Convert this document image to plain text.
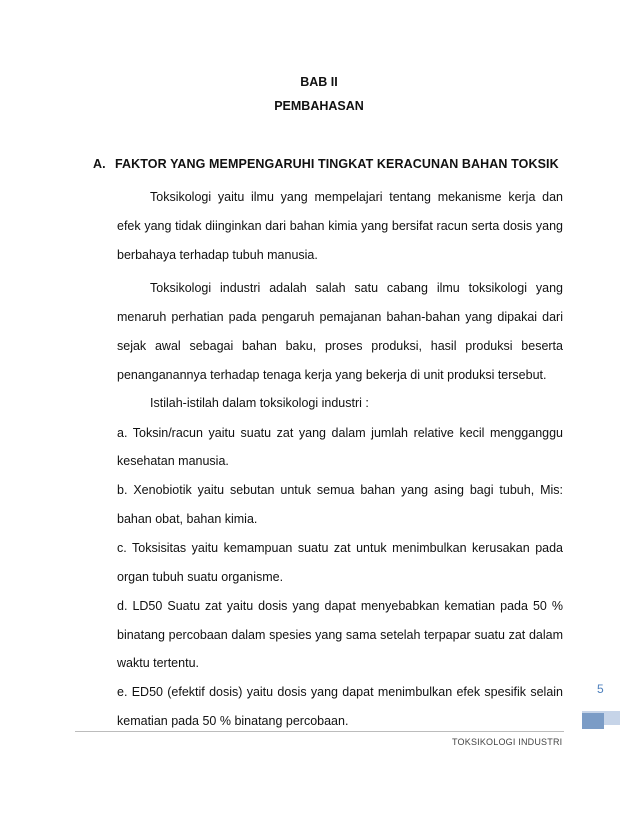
BAB II
PEMBAHASAN
A. FAKTOR YANG MEMPENGARUHI TINGKAT KERACUNAN BAHAN TOKSIK
Toksikologi yaitu ilmu yang mempelajari tentang mekanisme kerja dan
efek yang tidak diinginkan dari bahan kimia yang bersifat racun serta dosis yang
berbahaya terhadap tubuh manusia.
Toksikologi industri adalah salah satu cabang ilmu toksikologi yang
menaruh perhatian pada pengaruh pemajanan bahan-bahan yang dipakai dari
sejak awal sebagai bahan baku, proses produksi, hasil produksi beserta
penanganannya terhadap tenaga kerja yang bekerja di unit produksi tersebut.
Istilah-istilah dalam toksikologi industri :
a. Toksin/racun yaitu suatu zat yang dalam jumlah relative kecil mengganggu
kesehatan manusia.
b. Xenobiotik yaitu sebutan untuk semua bahan yang asing bagi tubuh, Mis:
bahan obat, bahan kimia.
c. Toksisitas yaitu kemampuan suatu zat untuk menimbulkan kerusakan pada
organ tubuh suatu organisme.
d. LD50 Suatu zat yaitu dosis yang dapat menyebabkan kematian pada 50 %
binatang percobaan dalam spesies yang sama setelah terpapar suatu zat dalam
waktu tertentu.
e. ED50 (efektif dosis) yaitu dosis yang dapat menimbulkan efek spesifik selain
kematian pada 50 % binatang percobaan.
5
TOKSIKOLOGI INDUSTRI
